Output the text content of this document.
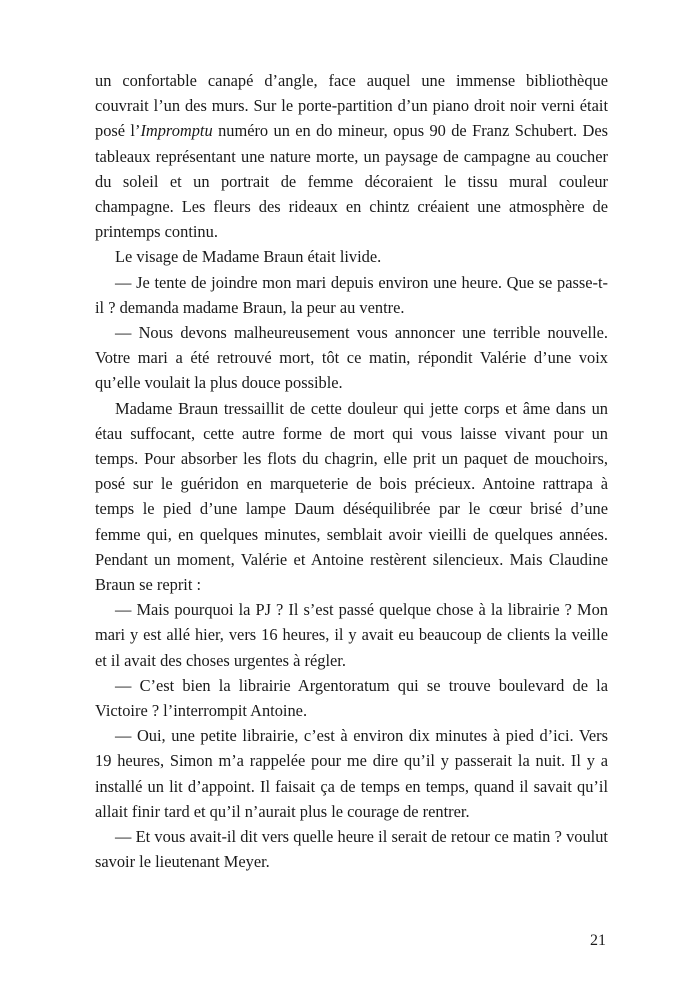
un confortable canapé d’angle, face auquel une immense bibliothèque couvrait l’un des murs. Sur le porte-partition d’un piano droit noir verni était posé l’Impromptu numéro un en do mineur, opus 90 de Franz Schubert. Des tableaux représentant une nature morte, un paysage de campagne au coucher du soleil et un portrait de femme décoraient le tissu mural couleur champagne. Les fleurs des rideaux en chintz créaient une atmosphère de printemps continu.

Le visage de Madame Braun était livide.

— Je tente de joindre mon mari depuis environ une heure. Que se passe-t-il ? demanda madame Braun, la peur au ventre.

— Nous devons malheureusement vous annoncer une terrible nouvelle. Votre mari a été retrouvé mort, tôt ce matin, répondit Valérie d’une voix qu’elle voulait la plus douce possible.

Madame Braun tressaillit de cette douleur qui jette corps et âme dans un étau suffocant, cette autre forme de mort qui vous laisse vivant pour un temps. Pour absorber les flots du chagrin, elle prit un paquet de mouchoirs, posé sur le guéridon en marqueterie de bois précieux. Antoine rattrapa à temps le pied d’une lampe Daum déséquilibrée par le cœur brisé d’une femme qui, en quelques minutes, semblait avoir vieilli de quelques années. Pendant un moment, Valérie et Antoine restèrent silencieux. Mais Claudine Braun se reprit :

— Mais pourquoi la PJ ? Il s’est passé quelque chose à la librairie ? Mon mari y est allé hier, vers 16 heures, il y avait eu beaucoup de clients la veille et il avait des choses urgentes à régler.

— C’est bien la librairie Argentoratum qui se trouve boulevard de la Victoire ? l’interrompit Antoine.

— Oui, une petite librairie, c’est à environ dix minutes à pied d’ici. Vers 19 heures, Simon m’a rappelée pour me dire qu’il y passerait la nuit. Il y a installé un lit d’appoint. Il faisait ça de temps en temps, quand il savait qu’il allait finir tard et qu’il n’aurait plus le courage de rentrer.

— Et vous avait-il dit vers quelle heure il serait de retour ce matin ? voulut savoir le lieutenant Meyer.

21
